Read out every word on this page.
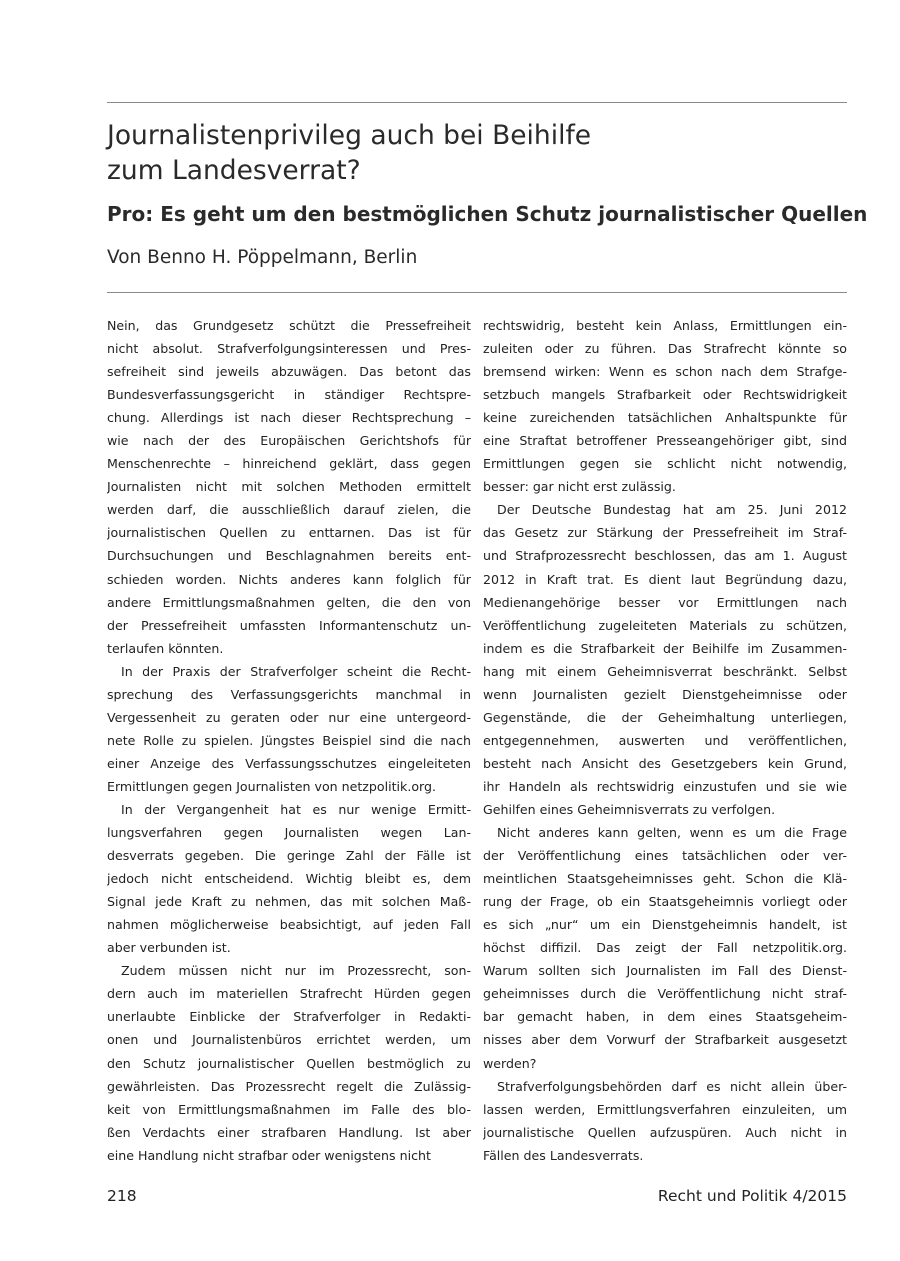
Journalistenprivileg auch bei Beihilfe
zum Landesverrat?
Pro: Es geht um den bestmöglichen Schutz journalistischer Quellen

Von Benno H. Pöppelmann, Berlin

Nein, das Grundgesetz schützt die Pressefreiheit
nicht absolut. Strafverfolgungsinteressen und Pres-
sefreiheit sind jeweils abzuwägen. Das betont das
Bundesverfassungsgericht in ständiger Rechtspre-
chung. Allerdings ist nach dieser Rechtsprechung –
wie nach der des Europäischen Gerichtshofs für
Menschenrechte – hinreichend geklärt, dass gegen
Journalisten nicht mit solchen Methoden ermittelt
werden darf, die ausschließlich darauf zielen, die
journalistischen Quellen zu enttarnen. Das ist für
Durchsuchungen und Beschlagnahmen bereits ent-
schieden worden. Nichts anderes kann folglich für
andere Ermittlungsmaßnahmen gelten, die den von
der Pressefreiheit umfassten Informantenschutz un-
terlaufen könnten.
In der Praxis der Strafverfolger scheint die Recht-
sprechung des Verfassungsgerichts manchmal in
Vergessenheit zu geraten oder nur eine untergeord-
nete Rolle zu spielen. Jüngstes Beispiel sind die nach
einer Anzeige des Verfassungsschutzes eingeleiteten
Ermittlungen gegen Journalisten von netzpolitik.org.
In der Vergangenheit hat es nur wenige Ermitt-
lungsverfahren gegen Journalisten wegen Lan-
desverrats gegeben. Die geringe Zahl der Fälle ist
jedoch nicht entscheidend. Wichtig bleibt es, dem
Signal jede Kraft zu nehmen, das mit solchen Maß-
nahmen möglicherweise beabsichtigt, auf jeden Fall
aber verbunden ist.
Zudem müssen nicht nur im Prozessrecht, son-
dern auch im materiellen Strafrecht Hürden gegen
unerlaubte Einblicke der Strafverfolger in Redakti-
onen und Journalistenbüros errichtet werden, um
den Schutz journalistischer Quellen bestmöglich zu
gewährleisten. Das Prozessrecht regelt die Zulässig-
keit von Ermittlungsmaßnahmen im Falle des blo-
ßen Verdachts einer strafbaren Handlung. Ist aber
eine Handlung nicht strafbar oder wenigstens nicht
rechtswidrig, besteht kein Anlass, Ermittlungen ein-
zuleiten oder zu führen. Das Strafrecht könnte so
bremsend wirken: Wenn es schon nach dem Strafge-
setzbuch mangels Strafbarkeit oder Rechtswidrigkeit
keine zureichenden tatsächlichen Anhaltspunkte für
eine Straftat betroffener Presseangehöriger gibt, sind
Ermittlungen gegen sie schlicht nicht notwendig,
besser: gar nicht erst zulässig.
Der Deutsche Bundestag hat am 25. Juni 2012
das Gesetz zur Stärkung der Pressefreiheit im Straf-
und Strafprozessrecht beschlossen, das am 1. August
2012 in Kraft trat. Es dient laut Begründung dazu,
Medienangehörige besser vor Ermittlungen nach
Veröffentlichung zugeleiteten Materials zu schützen,
indem es die Strafbarkeit der Beihilfe im Zusammen-
hang mit einem Geheimnisverrat beschränkt. Selbst
wenn Journalisten gezielt Dienstgeheimnisse oder
Gegenstände, die der Geheimhaltung unterliegen,
entgegennehmen, auswerten und veröffentlichen,
besteht nach Ansicht des Gesetzgebers kein Grund,
ihr Handeln als rechtswidrig einzustufen und sie wie
Gehilfen eines Geheimnisverrats zu verfolgen.
Nicht anderes kann gelten, wenn es um die Frage
der Veröffentlichung eines tatsächlichen oder ver-
meintlichen Staatsgeheimnisses geht. Schon die Klä-
rung der Frage, ob ein Staatsgeheimnis vorliegt oder
es sich „nur“ um ein Dienstgeheimnis handelt, ist
höchst diffizil. Das zeigt der Fall netzpolitik.org.
Warum sollten sich Journalisten im Fall des Dienst-
geheimnisses durch die Veröffentlichung nicht straf-
bar gemacht haben, in dem eines Staatsgeheim-
nisses aber dem Vorwurf der Strafbarkeit ausgesetzt
werden?
Strafverfolgungsbehörden darf es nicht allein über-
lassen werden, Ermittlungsverfahren einzuleiten, um
journalistische Quellen aufzuspüren. Auch nicht in
Fällen des Landesverrats.
218	Recht und Politik 4/2015
